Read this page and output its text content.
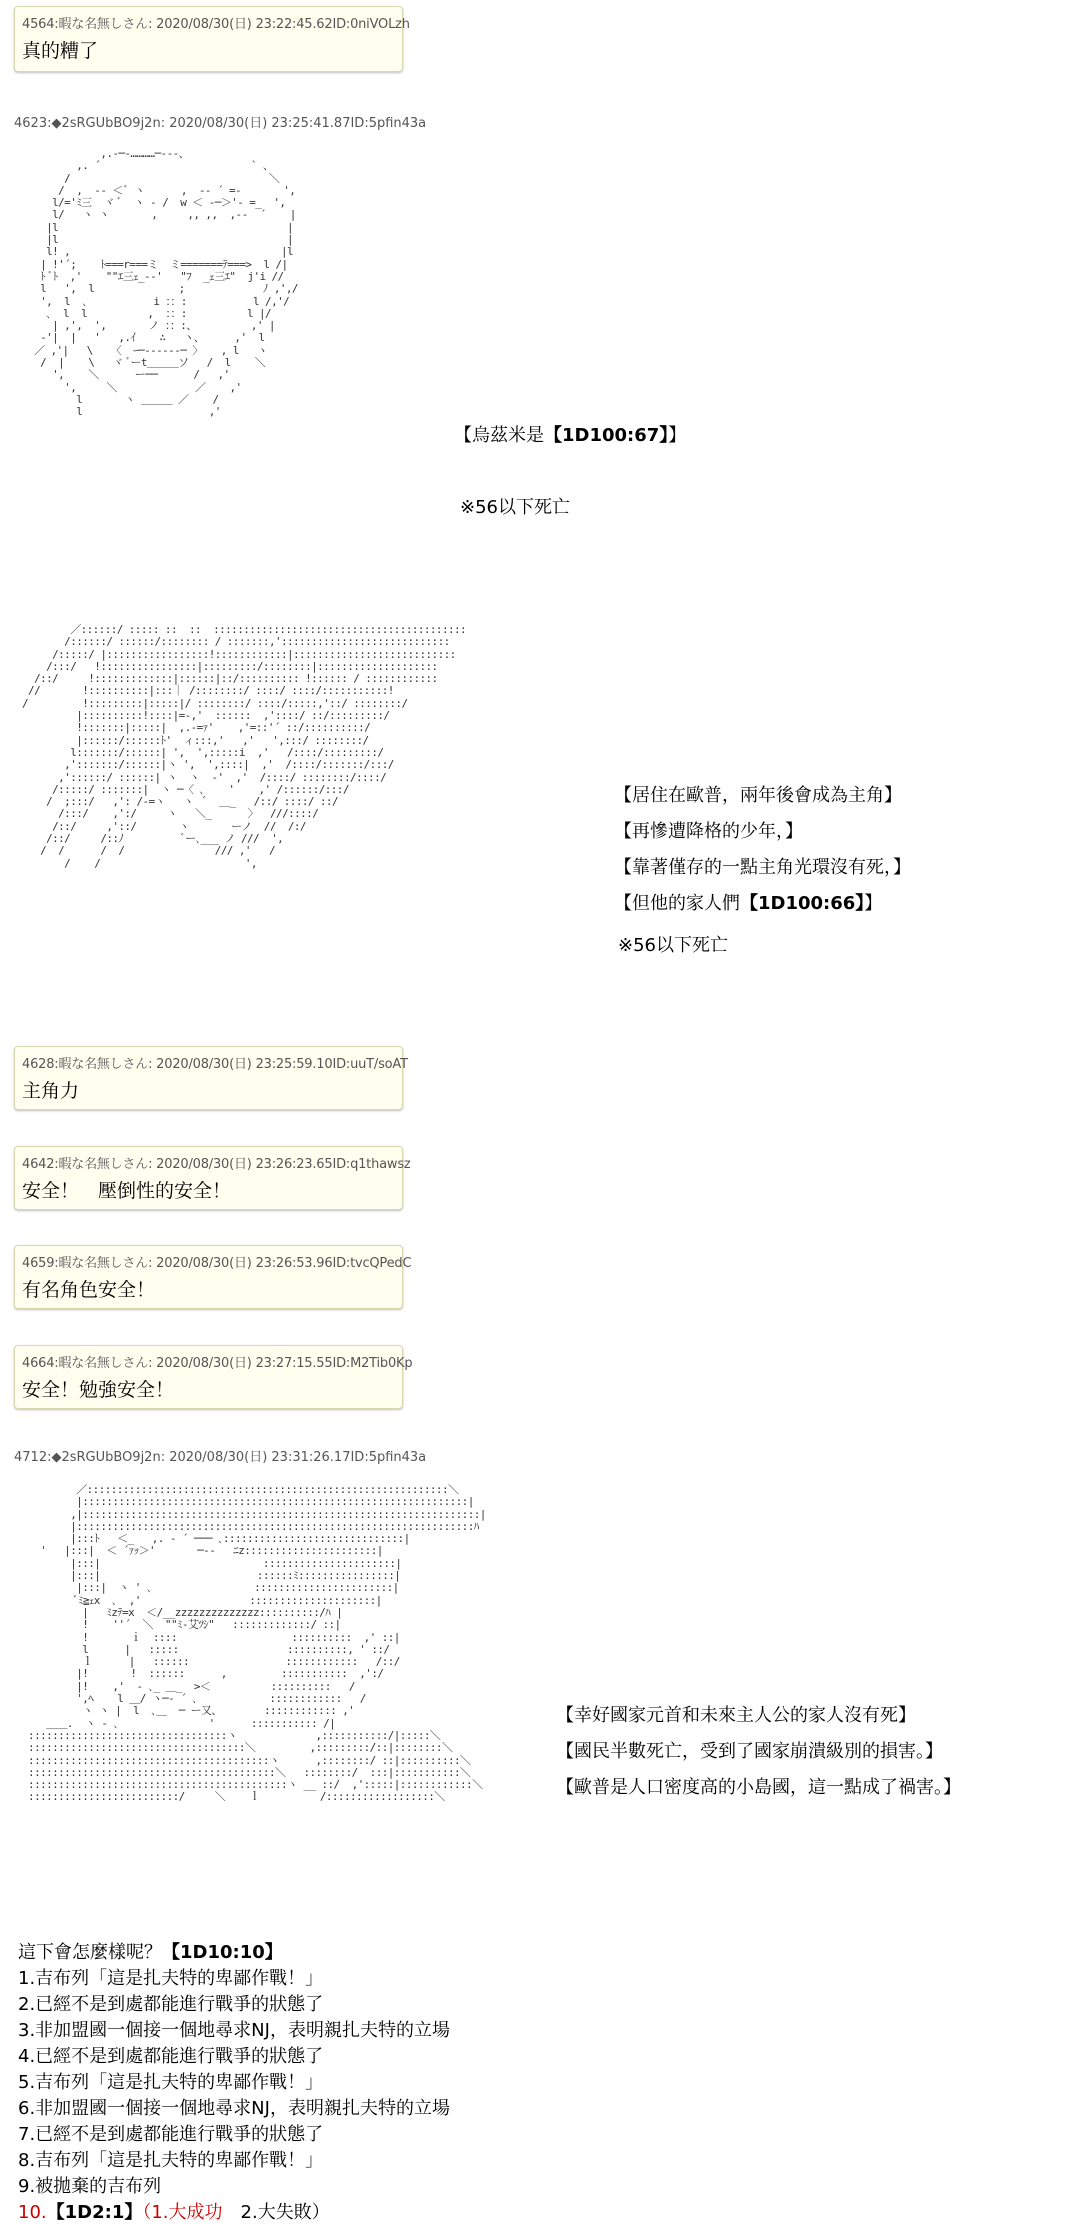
4564:暇な名無しさん: 2020/08/30(日) 23:22:45.62ID:0niVOLzh
真的糟了
4623:◆2sRGUbBO9j2n: 2020/08/30(日) 23:25:41.87ID:5pfin43a
,.-─‐…………─-‐-、
,. ´                         ` 、
/                                 ＼
/  ,  -‐ ＜ﾞ ヽ      ,  -‐ ´ =-       ',
l/='ﾐ三  ヾ ﾞ  ヽ ‐ /  w ＜ -─＞'‐ =_  ',
l/   ヽ ヽ       ,     ,, ,,  ,-‐  ´    |
|l                                      |
|l                                      |
l! ,                                   |l
| !'´;    ﾄ===r===ミ  ミ=======ﾃ===>  l /|
ﾄ ﾞﾄ  ,'    ""ｴ三ｪ_‐-'   "ﾌ  _ｪ三ｴ"  j'i //
l   ',  l              ;             ﾉ ,',/
',  l  ､           i ：：:           l /,'/
､  l  l          ,  ：：:          l |/
| ,',  ',       ノ ：：:、         ,' |
‐'|  |   '   ,.ｲ    ∴   ヽ、     ,'  l
／ ,'|   \   〈  ｰ─------─ 〉   , l   ヽ
/  |    \   ヾ ﾞーt＿＿＿ソ   /  l    ＼
',    ＼      ー──      /   ,'
',     ＼             ／    ,'
l       ヽ ＿＿＿ ／    /
l                     ,'
【烏茲米是【1D100:67】】
※56以下死亡
／::::::/ ::::: ::  ::  ::::::::::::::::::::::::::::::::::::::::::
/::::::/ ::::::/:::::::: / :::::::,'::::::::::::::::::::::::::::
/:::::/ |:::::::::::::::::!::::::::::::|:::::::::::::::::::::::::::
/:::/   !::::::::::::::::|:::::::::/::::::::|::::::::::::::::::::
/::/     !:::::::::::::|::::::|::/:::::::::: !:::::: / ::::::::::::
//       !::::::::::|:::｜ /::::::::/ ::::/ ::::/:::::::::::!
/         !:::::::::|:::::|/ ::::::::/ ::::/:::::,'::/ ::::::::/
|::::::::::!::::|=-,'  ::::::  ,'::::/ ::/:::::::::/
!:::::::|:::::|  ,.-=ｧ'    ,'=::'´ ::/::::::::::/
|::::::/::::::ﾄ'  ィ:::,'   ,'   ',:::/ ::::::::/
l:::::::/::::::| ',  ',:::::i  ,'   /::::/:::::::::/
,':::::::/::::::|ヽ ',  ',::::|  ,'  /::::/:::::::/:::/
,'::::::/ ::::::| ヽ  ヽ  ‐'  ,'  /::::/ ::::::::/::::/
/:::::/ :::::::|  ヽ ─〈 ､    '    ,' /::::::/:::/
/  ;:::/   ,': /-=ヽ   ヽ  ﾞ  ＿_   /::/ ::::/ ::/
/:::/    ,':/     ヽ   ＼_      〉  ///::::/
/::/     ,'::/       ヽ       ーノ  //  /:/
/::/     /::ﾉ          ﾞー､___ ノ ///  ',
/  /      /  /               /// ,'   /
/    /                        ',
【居住在歐普，兩年後會成為主角】
【再慘遭降格的少年，】
【靠著僅存的一點主角光環沒有死，】
【但他的家人們【1D100:66】】
※56以下死亡
4628:暇な名無しさん: 2020/08/30(日) 23:25:59.10ID:uuT/soAT
主角力
4642:暇な名無しさん: 2020/08/30(日) 23:26:23.65ID:q1thawsz
安全！　壓倒性的安全！
4659:暇な名無しさん: 2020/08/30(日) 23:26:53.96ID:tvcQPedC
有名角色安全！
4664:暇な名無しさん: 2020/08/30(日) 23:27:15.55ID:M2Tib0Kp
安全！勉強安全！
4712:◆2sRGUbBO9j2n: 2020/08/30(日) 23:31:26.17ID:5pfin43a
／::::::::::::::::::::::::::::::::::::::::::::::::::::::::::::＼
|::::::::::::::::::::::::::::::::::::::::::::::::::::::::::::::::|
,|::::::::::::::::::::::::::::::::::::::::::::::::::::::::::::::::::|
|::::::::::::::::::::::::::::::::::::::::::::::::::::::::::::::::::ﾊ
|:::ﾄ   ＜_   ,. ‐ ´ ─── ､::::::::::::::::::::::::::::::|
'   |:::|  ＜ ´ｧｯ＞'       ─-‐   ﾆz::::::::::::::::::::::|
|:::|                           ::::::::::::::::::::::|
|:::|                          ::::::ﾐ::::::::::::::::|
|:::|  ヽ ' ､                 :::::::::::::::::::::::|
ﾞﾐ≧ｪx  ､  ,'                  :::::::::::::::::::::|
|   ﾐzﾃ=x  ＜/__zzzzzzzzzzzzzz::::::::::/ﾊ |
!    ''´  ＼  ""ﾐ‐艾ﾂｼ"   :::::::::::::/ ::|
!       ｉ  ::::                   ::::::::::  ,' ::|
l      |   :::::                  ::::::::::, ' ::/
ｌ      |   ::::::                ::::::::::::   /::/
|!       !  ::::::      ,         :::::::::::  ,':/
|!    ,'  ‐ ､_ ＿_  >＜          ::::::::::   /
',ﾍ    l ＿/ ヽ─‐ ´ ､            ::::::::::::   /
ヽ ヽ |  l  ､＿  ─ ー又、       :::::::::::: ,'
＿＿.  ヽ ‐ ､               '      ::::::::::: /|
:::::::::::::::::::::::::::::::::ヽ             ,:::::::::::/|:::::＼
::::::::::::::::::::::::::::::::::::＼         ,:::::::::/::|::::::::＼
::::::::::::::::::::::::::::::::::::::::ヽ      ,::::::::/ ::|::::::::::＼
:::::::::::::::::::::::::::::::::::::::::＼   ::::::::/  :::|:::::::::::＼
:::::::::::::::::::::::::::::::::::::::::::ヽ __ ::/  ,':::::|::::::::::::＼
:::::::::::::::::::::::::/     ＼    ｌ          /::::::::::::::::::＼
【幸好國家元首和未來主人公的家人沒有死】
【國民半數死亡，受到了國家崩潰級別的損害。】
【歐普是人口密度高的小島國，這一點成了禍害。】
這下會怎麼樣呢？【1D10:10】
1.吉布列「這是扎夫特的卑鄙作戰！」
2.已經不是到處都能進行戰爭的狀態了
3.非加盟國一個接一個地尋求NJ，表明親扎夫特的立場
4.已經不是到處都能進行戰爭的狀態了
5.吉布列「這是扎夫特的卑鄙作戰！」
6.非加盟國一個接一個地尋求NJ，表明親扎夫特的立場
7.已經不是到處都能進行戰爭的狀態了
8.吉布列「這是扎夫特的卑鄙作戰！」
9.被拋棄的吉布列
10.【1D2:1】（1.大成功　2.大失敗）
